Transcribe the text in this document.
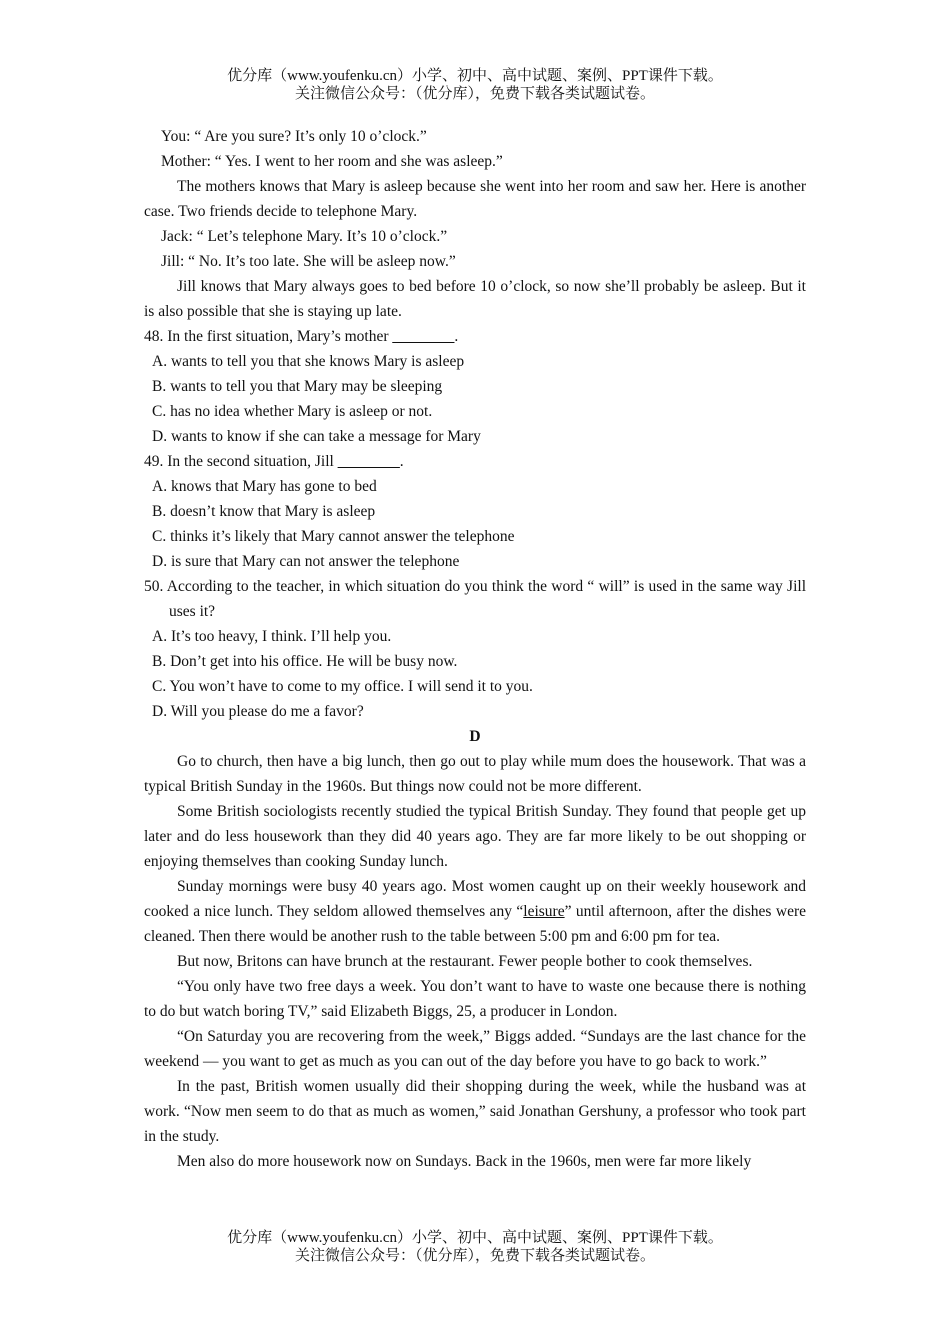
优分库（www.youfenku.cn）小学、初中、高中试题、案例、PPT课件下载。
关注微信公众号：（优分库），免费下载各类试题试卷。
You: “ Are you sure? It’s only 10 o’clock.”
Mother: “ Yes. I went to her room and she was asleep.”
The mothers knows that Mary is asleep because she went into her room and saw her. Here is another case. Two friends decide to telephone Mary.
Jack: “ Let’s telephone Mary. It’s 10 o’clock.”
Jill: “ No. It’s too late. She will be asleep now.”
Jill knows that Mary always goes to bed before 10 o’clock, so now she’ll probably be asleep. But it is also possible that she is staying up late.
48. In the first situation, Mary’s mother ________.
A. wants to tell you that she knows Mary is asleep
B. wants to tell you that Mary may be sleeping
C. has no idea whether Mary is asleep or not.
D. wants to know if she can take a message for Mary
49. In the second situation, Jill ________.
A. knows that Mary has gone to bed
B. doesn’t know that Mary is asleep
C. thinks it’s likely that Mary cannot answer the telephone
D. is sure that Mary can not answer the telephone
50. According to the teacher, in which situation do you think the word “ will” is used in the same way Jill uses it?
A. It’s too heavy, I think. I’ll help you.
B. Don’t get into his office. He will be busy now.
C. You won’t have to come to my office. I will send it to you.
D. Will you please do me a favor?
D
Go to church, then have a big lunch, then go out to play while mum does the housework. That was a typical British Sunday in the 1960s. But things now could not be more different.
Some British sociologists recently studied the typical British Sunday. They found that people get up later and do less housework than they did 40 years ago. They are far more likely to be out shopping or enjoying themselves than cooking Sunday lunch.
Sunday mornings were busy 40 years ago. Most women caught up on their weekly housework and cooked a nice lunch. They seldom allowed themselves any “leisure” until afternoon, after the dishes were cleaned. Then there would be another rush to the table between 5:00 pm and 6:00 pm for tea.
But now, Britons can have brunch at the restaurant. Fewer people bother to cook themselves.
“You only have two free days a week. You don’t want to have to waste one because there is nothing to do but watch boring TV,” said Elizabeth Biggs, 25, a producer in London.
“On Saturday you are recovering from the week,” Biggs added. “Sundays are the last chance for the weekend — you want to get as much as you can out of the day before you have to go back to work.”
In the past, British women usually did their shopping during the week, while the husband was at work. “Now men seem to do that as much as women,” said Jonathan Gershuny, a professor who took part in the study.
Men also do more housework now on Sundays. Back in the 1960s, men were far more likely
优分库（www.youfenku.cn）小学、初中、高中试题、案例、PPT课件下载。
关注微信公众号：（优分库），免费下载各类试题试卷。
